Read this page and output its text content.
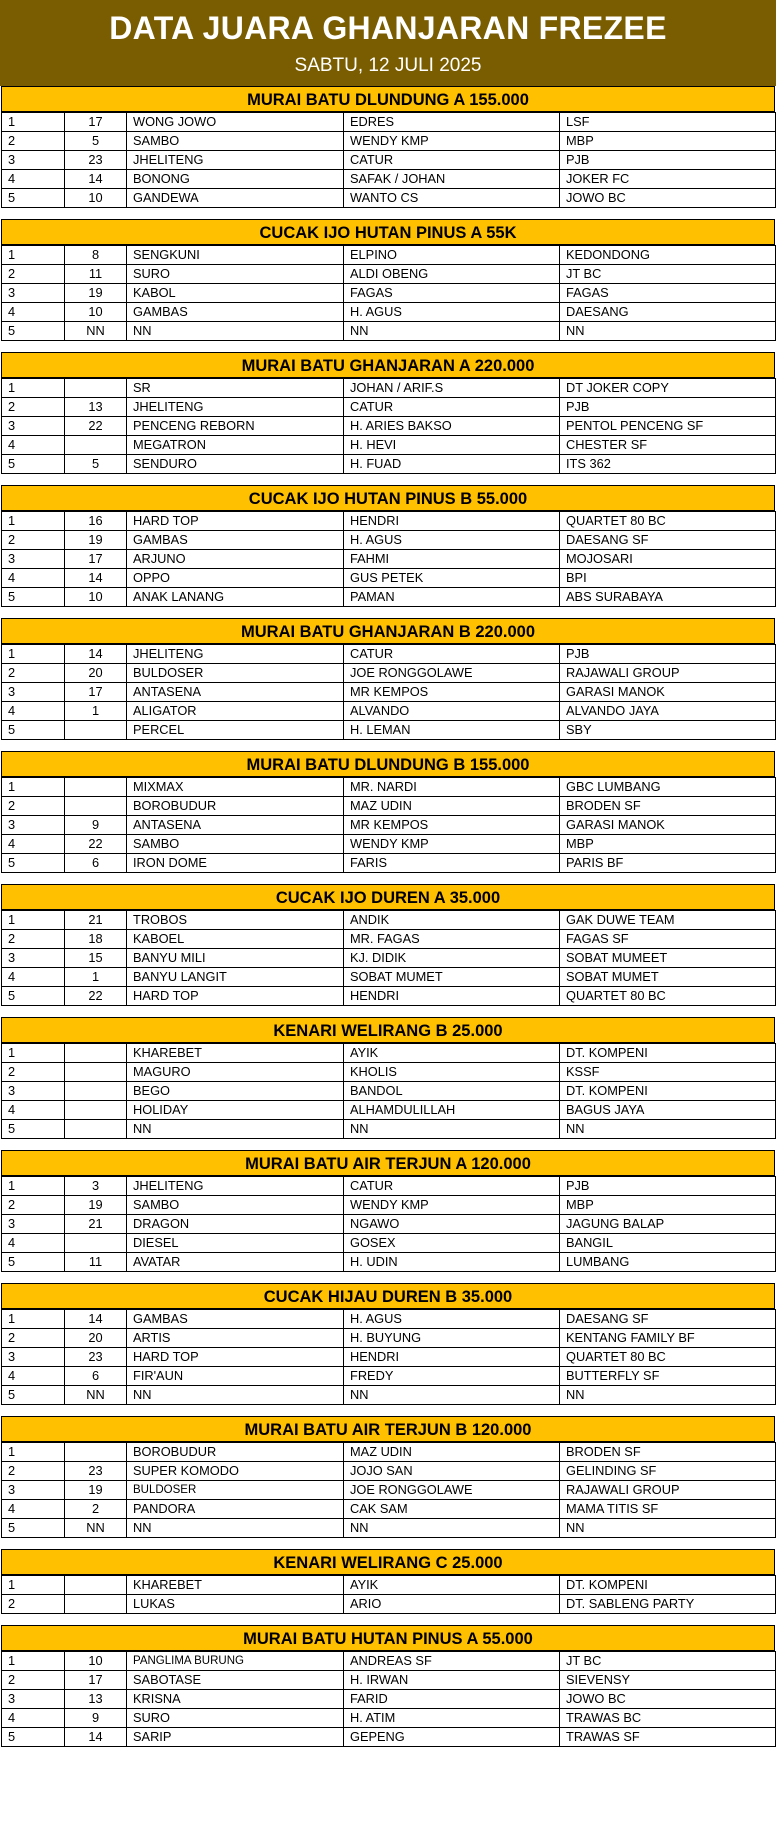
DATA JUARA GHANJARAN FREZEE
SABTU, 12 JULI 2025
MURAI BATU DLUNDUNG A 155.000
1	17	WONG JOWO	EDRES	LSF
2	5	SAMBO	WENDY KMP	MBP
3	23	JHELITENG	CATUR	PJB
4	14	BONONG	SAFAK / JOHAN	JOKER FC
5	10	GANDEWA	WANTO CS	JOWO BC
CUCAK IJO HUTAN PINUS A 55K
1	8	SENGKUNI	ELPINO	KEDONDONG
2	11	SURO	ALDI OBENG	JT BC
3	19	KABOL	FAGAS	FAGAS
4	10	GAMBAS	H. AGUS	DAESANG
5	NN	NN	NN	NN
MURAI BATU GHANJARAN A 220.000
1		SR	JOHAN / ARIF.S	DT JOKER COPY
2	13	JHELITENG	CATUR	PJB
3	22	PENCENG REBORN	H. ARIES BAKSO	PENTOL PENCENG SF
4		MEGATRON	H. HEVI	CHESTER SF
5	5	SENDURO	H. FUAD	ITS 362
CUCAK IJO HUTAN PINUS B 55.000
1	16	HARD TOP	HENDRI	QUARTET 80 BC
2	19	GAMBAS	H. AGUS	DAESANG SF
3	17	ARJUNO	FAHMI	MOJOSARI
4	14	OPPO	GUS PETEK	BPI
5	10	ANAK LANANG	PAMAN	ABS SURABAYA
MURAI BATU GHANJARAN B 220.000
1	14	JHELITENG	CATUR	PJB
2	20	BULDOSER	JOE RONGGOLAWE	RAJAWALI GROUP
3	17	ANTASENA	MR KEMPOS	GARASI MANOK
4	1	ALIGATOR	ALVANDO	ALVANDO JAYA
5		PERCEL	H. LEMAN	SBY
MURAI BATU DLUNDUNG B 155.000
1		MIXMAX	MR. NARDI	GBC LUMBANG
2		BOROBUDUR	MAZ UDIN	BRODEN SF
3	9	ANTASENA	MR KEMPOS	GARASI MANOK
4	22	SAMBO	WENDY KMP	MBP
5	6	IRON DOME	FARIS	PARIS BF
CUCAK IJO DUREN A 35.000
1	21	TROBOS	ANDIK	GAK DUWE TEAM
2	18	KABOEL	MR. FAGAS	FAGAS SF
3	15	BANYU MILI	KJ. DIDIK	SOBAT MUMEET
4	1	BANYU LANGIT	SOBAT MUMET	SOBAT MUMET
5	22	HARD TOP	HENDRI	QUARTET 80 BC
KENARI WELIRANG B 25.000
1		KHAREBET	AYIK	DT. KOMPENI
2		MAGURO	KHOLIS	KSSF
3		BEGO	BANDOL	DT. KOMPENI
4		HOLIDAY	ALHAMDULILLAH	BAGUS JAYA
5		NN	NN	NN
MURAI BATU AIR TERJUN A 120.000
1	3	JHELITENG	CATUR	PJB
2	19	SAMBO	WENDY KMP	MBP
3	21	DRAGON	NGAWO	JAGUNG BALAP
4		DIESEL	GOSEX	BANGIL
5	11	AVATAR	H. UDIN	LUMBANG
CUCAK HIJAU DUREN B 35.000
1	14	GAMBAS	H. AGUS	DAESANG SF
2	20	ARTIS	H. BUYUNG	KENTANG FAMILY BF
3	23	HARD TOP	HENDRI	QUARTET 80 BC
4	6	FIR'AUN	FREDY	BUTTERFLY SF
5	NN	NN	NN	NN
MURAI BATU AIR TERJUN B 120.000
1		BOROBUDUR	MAZ UDIN	BRODEN SF
2	23	SUPER KOMODO	JOJO SAN	GELINDING SF
3	19	BULDOSER	JOE RONGGOLAWE	RAJAWALI GROUP
4	2	PANDORA	CAK SAM	MAMA TITIS SF
5	NN	NN	NN	NN
KENARI WELIRANG C 25.000
1		KHAREBET	AYIK	DT. KOMPENI
2		LUKAS	ARIO	DT. SABLENG PARTY
MURAI BATU HUTAN PINUS A 55.000
1	10	PANGLIMA BURUNG	ANDREAS SF	JT BC
2	17	SABOTASE	H. IRWAN	SIEVENSY
3	13	KRISNA	FARID	JOWO BC
4	9	SURO	H. ATIM	TRAWAS BC
5	14	SARIP	GEPENG	TRAWAS SF
